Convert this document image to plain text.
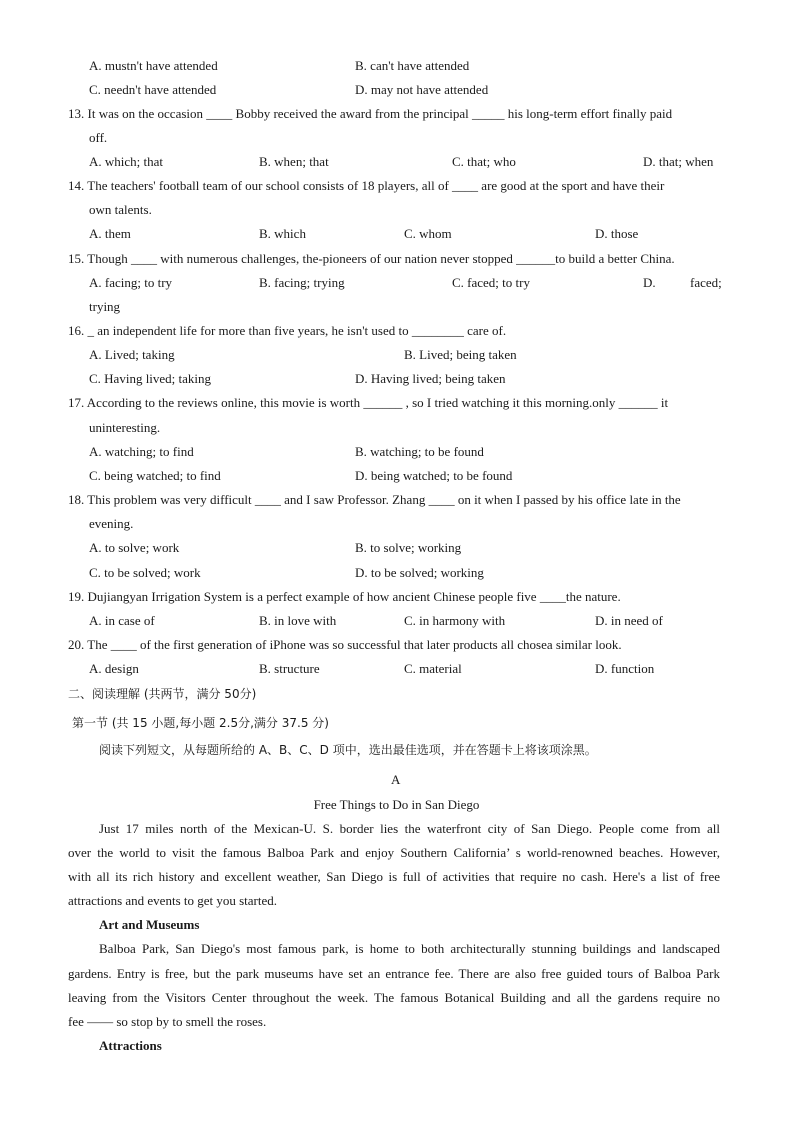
A. mustn't have attended	B. can't have attended
C. needn't have attended	D. may not have attended
13. It was on the occasion ____ Bobby received the award from the principal _____ his long-term effort finally paid
off.
A. which; that	B. when; that	C. that; who	D. that; when
14. The teachers' football team of our school consists of 18 players, all of ____ are good at the sport and have their
own talents.
A. them	B. which	C. whom	D. those
15. Though ____ with numerous challenges, the-pioneers of our nation never stopped ______to build a better China.
A. facing; to try	B. facing; trying	C. faced; to try	D.	faced;
trying
16. _ an independent life for more than five years, he isn't used to ________ care of.
A. Lived; taking	B. Lived; being taken
C. Having lived; taking	D. Having lived; being taken
17. According to the reviews online, this movie is worth ______ , so I tried watching it this morning.only ______ it
uninteresting.
A. watching; to find	B. watching; to be found
C. being watched; to find	D. being watched; to be found
18. This problem was very difficult ____ and I saw Professor. Zhang ____ on it when I passed by his office late in the
evening.
A. to solve; work	B. to solve; working
C. to be solved; work	D. to be solved; working
19. Dujiangyan Irrigation System is a perfect example of how ancient Chinese people five ____the nature.
A. in case of	B. in love with	C. in harmony with	D. in need of
20. The ____ of the first generation of iPhone was so successful that later products all chosea similar look.
A. design	B. structure	C. material	D. function
二、阅读理解 (共两节，满分 50分)
第一节 (共 15 小题,每小题 2.5分,满分 37.5 分)
阅读下列短文，从每题所给的 A、B、C、D 项中，选出最佳选项，并在答题卡上将该项涂黑。
A
Free Things to Do in San Diego
Just 17 miles north of the Mexican-U. S. border lies the waterfront city of San Diego. People come from all
over the world to visit the famous Balboa Park and enjoy Southern California’ s world-renowned beaches. However,
with all its rich history and excellent weather, San Diego is full of activities that require no cash. Here's a list of free
attractions and events to get you started.
Art and Museums
Balboa Park, San Diego's most famous park, is home to both architecturally stunning buildings and landscaped
gardens. Entry is free, but the park museums have set an entrance fee. There are also free guided tours of Balboa Park
leaving from the Visitors Center throughout the week. The famous Botanical Building and all the gardens require no
fee —— so stop by to smell the roses.
Attractions
